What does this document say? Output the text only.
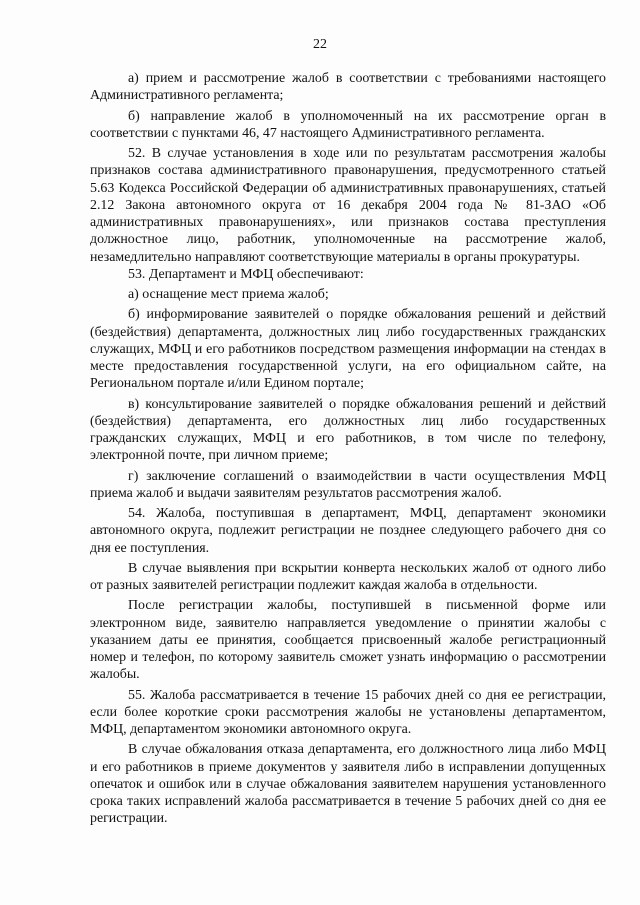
22

а) прием и рассмотрение жалоб в соответствии с требованиями настоящего Административного регламента;

б) направление жалоб в уполномоченный на их рассмотрение орган в соответствии с пунктами 46, 47 настоящего Административного регламента.

52. В случае установления в ходе или по результатам рассмотрения жалобы признаков состава административного правонарушения, предусмотренного статьей 5.63 Кодекса Российской Федерации об административных правонарушениях, статьей 2.12 Закона автономного округа от 16 декабря 2004 года № 81-ЗАО «Об административных правонарушениях», или признаков состава преступления должностное лицо, работник, уполномоченные на рассмотрение жалоб, незамедлительно направляют соответствующие материалы в органы прокуратуры.

53. Департамент и МФЦ обеспечивают:

а) оснащение мест приема жалоб;

б) информирование заявителей о порядке обжалования решений и действий (бездействия) департамента, должностных лиц либо государственных гражданских служащих, МФЦ и его работников посредством размещения информации на стендах в месте предоставления государственной услуги, на его официальном сайте, на Региональном портале и/или Едином портале;

в) консультирование заявителей о порядке обжалования решений и действий (бездействия) департамента, его должностных лиц либо государственных гражданских служащих, МФЦ и его работников, в том числе по телефону, электронной почте, при личном приеме;

г) заключение соглашений о взаимодействии в части осуществления МФЦ приема жалоб и выдачи заявителям результатов рассмотрения жалоб.

54. Жалоба, поступившая в департамент, МФЦ, департамент экономики автономного округа, подлежит регистрации не позднее следующего рабочего дня со дня ее поступления.

В случае выявления при вскрытии конверта нескольких жалоб от одного либо от разных заявителей регистрации подлежит каждая жалоба в отдельности.

После регистрации жалобы, поступившей в письменной форме или электронном виде, заявителю направляется уведомление о принятии жалобы с указанием даты ее принятия, сообщается присвоенный жалобе регистрационный номер и телефон, по которому заявитель сможет узнать информацию о рассмотрении жалобы.

55. Жалоба рассматривается в течение 15 рабочих дней со дня ее регистрации, если более короткие сроки рассмотрения жалобы не установлены департаментом, МФЦ, департаментом экономики автономного округа.

В случае обжалования отказа департамента, его должностного лица либо МФЦ и его работников в приеме документов у заявителя либо в исправлении допущенных опечаток и ошибок или в случае обжалования заявителем нарушения установленного срока таких исправлений жалоба рассматривается в течение 5 рабочих дней со дня ее регистрации.
